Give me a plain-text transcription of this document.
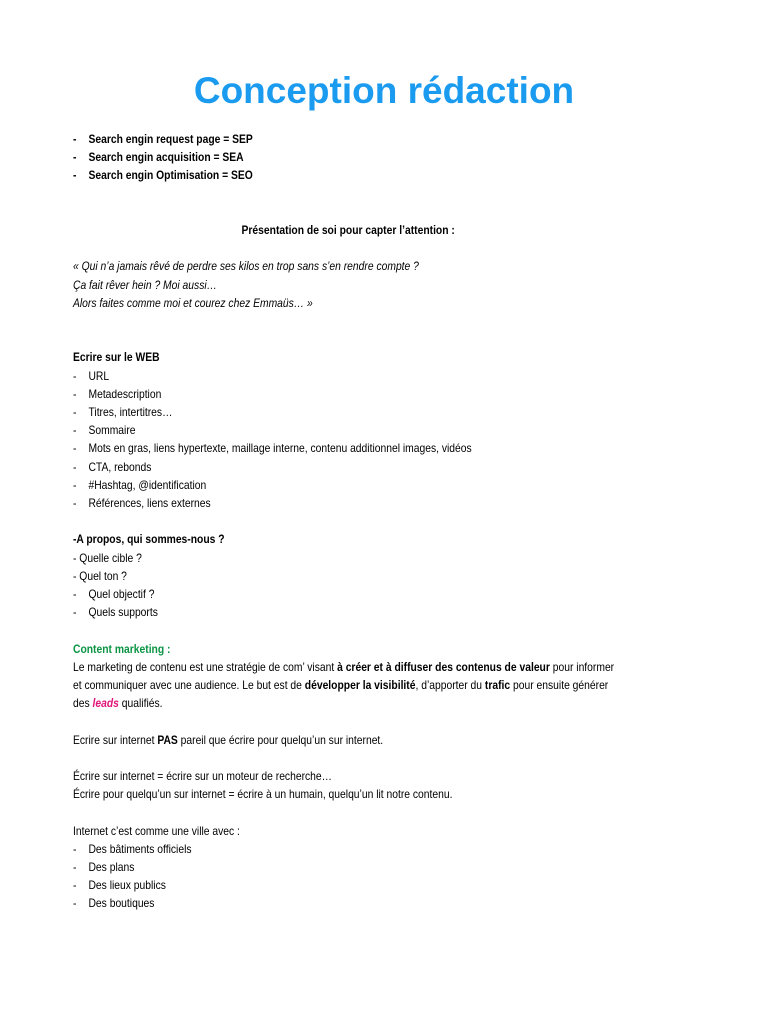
Conception rédaction
- Search engin request page = SEP
- Search engin acquisition = SEA
- Search engin Optimisation = SEO

Présentation de soi pour capter l’attention :

« Qui n’a jamais rêvé de perdre ses kilos en trop sans s’en rendre compte ?

Ça fait rêver hein ? Moi aussi…

Alors faites comme moi et courez chez Emmaüs… »

Ecrire sur le WEB

- URL
- Metadescription
- Titres, intertitres…
- Sommaire
- Mots en gras, liens hypertexte, maillage interne, contenu additionnel images, vidéos
- CTA, rebonds
- #Hashtag, @identification
- Références, liens externes

-A propos, qui sommes-nous ?

- Quelle cible ?

- Quel ton ?

- Quel objectif ?
- Quels supports

Content marketing :

Le marketing de contenu est une stratégie de com’ visant à créer et à diffuser des contenus de valeur pour informer et communiquer avec une audience. Le but est de développer la visibilité, d’apporter du trafic pour ensuite générer des leads qualifiés.

Ecrire sur internet PAS pareil que écrire pour quelqu’un sur internet.

Écrire sur internet = écrire sur un moteur de recherche…

Écrire pour quelqu’un sur internet = écrire à un humain, quelqu’un lit notre contenu.

Internet c’est comme une ville avec :

- Des bâtiments officiels
- Des plans
- Des lieux publics
- Des boutiques
